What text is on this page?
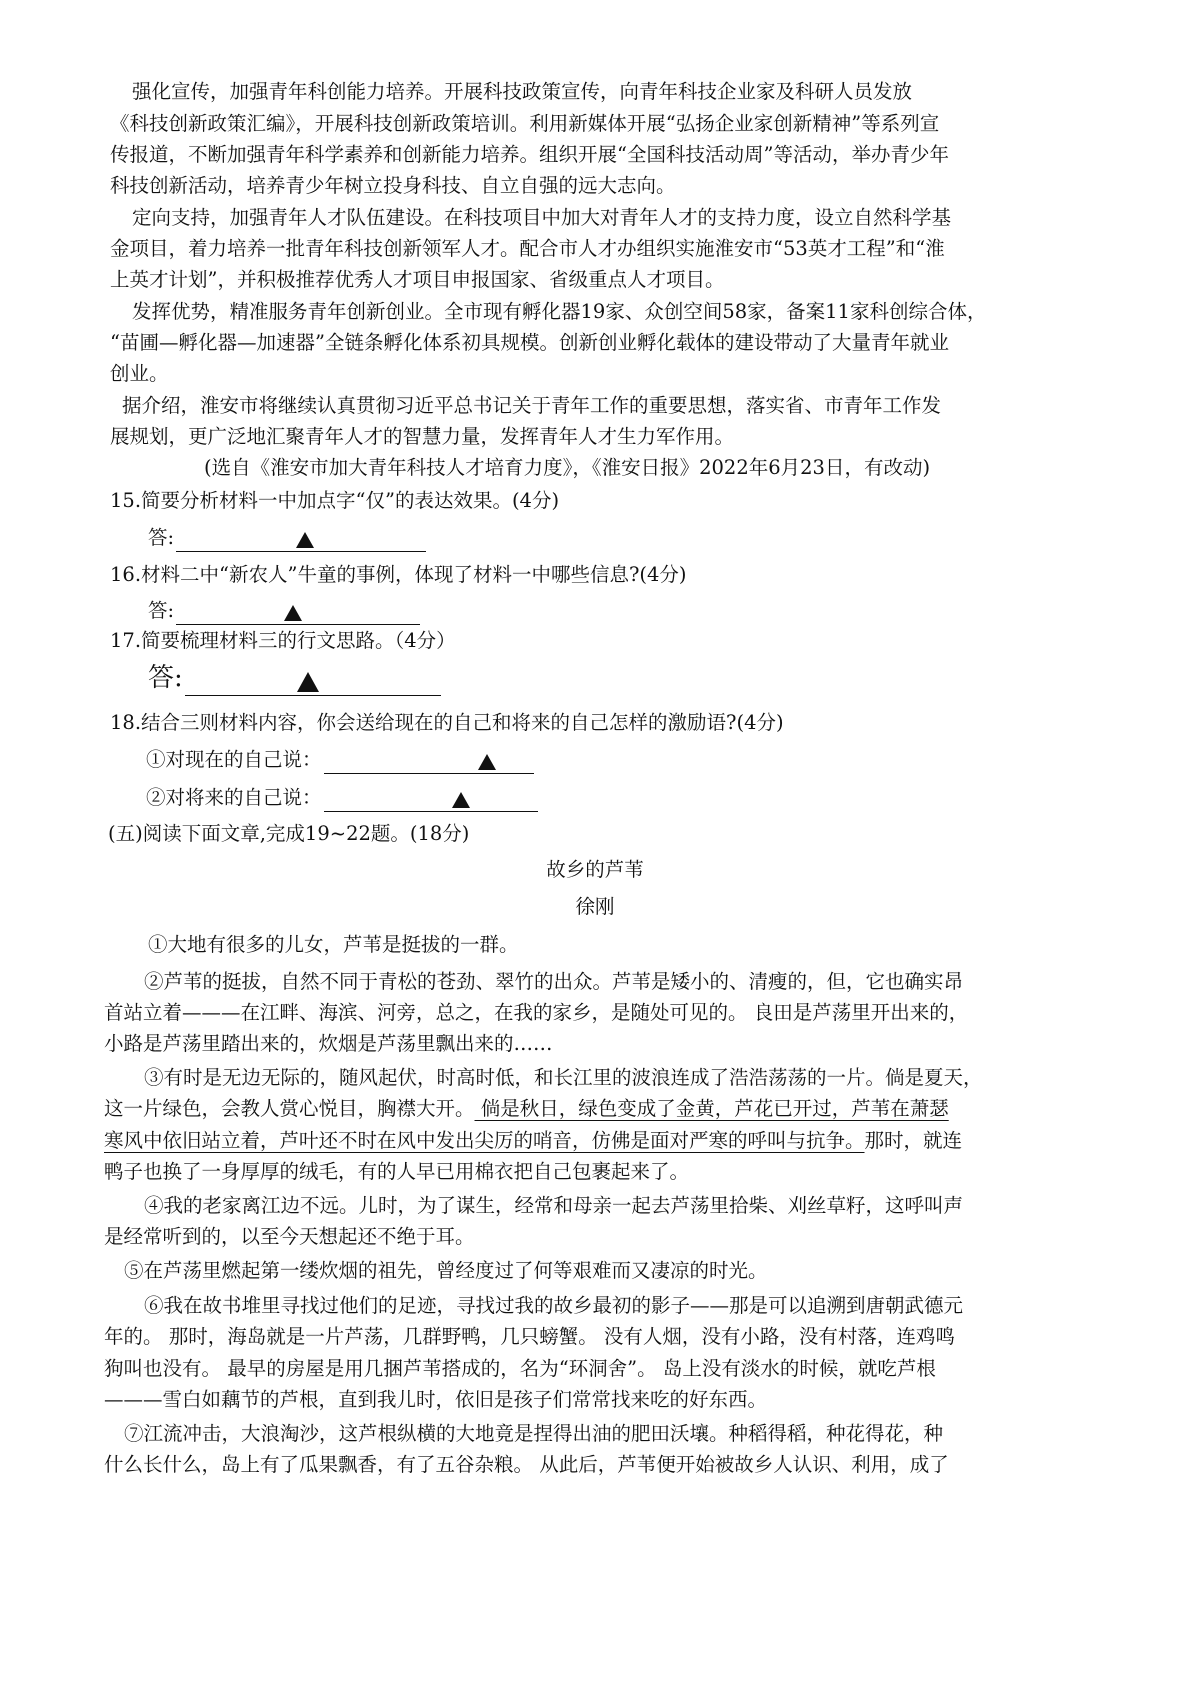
强化宣传，加强青年科创能力培养。开展科技政策宣传，向青年科技企业家及科研人员发放
《科技创新政策汇编》，开展科技创新政策培训。利用新媒体开展“弘扬企业家创新精神”等系列宣
传报道，不断加强青年科学素养和创新能力培养。组织开展“全国科技活动周”等活动，举办青少年
科技创新活动，培养青少年树立投身科技、自立自强的远大志向。
定向支持，加强青年人才队伍建设。在科技项目中加大对青年人才的支持力度，设立自然科学基
金项目，着力培养一批青年科技创新领军人才。配合市人才办组织实施淮安市“53英才工程”和“淮
上英才计划”，并积极推荐优秀人才项目申报国家、省级重点人才项目。
发挥优势，精准服务青年创新创业。全市现有孵化器19家、众创空间58家，备案11家科创综合体，
“苗圃—孵化器—加速器”全链条孵化体系初具规模。创新创业孵化载体的建设带动了大量青年就业
创业。
据介绍，淮安市将继续认真贯彻习近平总书记关于青年工作的重要思想，落实省、市青年工作发
展规划，更广泛地汇聚青年人才的智慧力量，发挥青年人才生力军作用。
(选自《淮安市加大青年科技人才培育力度》，《淮安日报》2022年6月23日，有改动)
15.简要分析材料一中加点字“仅”的表达效果。(4分)
答:
16.材料二中“新农人”牛童的事例，体现了材料一中哪些信息?(4分)
答:
17.简要梳理材料三的行文思路。（4分）
答:
18.结合三则材料内容，你会送给现在的自己和将来的自己怎样的激励语?(4分)
①对现在的自己说：
②对将来的自己说：
(五)阅读下面文章,完成19~22题。(18分)
故乡的芦苇
徐刚
①大地有很多的儿女，芦苇是挺拔的一群。
②芦苇的挺拔，自然不同于青松的苍劲、翠竹的出众。芦苇是矮小的、清瘦的，但，它也确实昂
首站立着———在江畔、海滨、河旁，总之，在我的家乡，是随处可见的。 良田是芦荡里开出来的，
小路是芦荡里踏出来的，炊烟是芦荡里飘出来的……
③有时是无边无际的，随风起伏，时高时低，和长江里的波浪连成了浩浩荡荡的一片。倘是夏天，
这一片绿色，会教人赏心悦目，胸襟大开。 倘是秋日，绿色变成了金黄，芦花已开过，芦苇在萧瑟
寒风中依旧站立着，芦叶还不时在风中发出尖厉的哨音，仿佛是面对严寒的呼叫与抗争。那时，就连
鸭子也换了一身厚厚的绒毛，有的人早已用棉衣把自己包裹起来了。
④我的老家离江边不远。儿时，为了谋生，经常和母亲一起去芦荡里拾柴、刈丝草籽，这呼叫声
是经常听到的，以至今天想起还不绝于耳。
⑤在芦荡里燃起第一缕炊烟的祖先，曾经度过了何等艰难而又凄凉的时光。
⑥我在故书堆里寻找过他们的足迹，寻找过我的故乡最初的影子——那是可以追溯到唐朝武德元
年的。 那时，海岛就是一片芦荡，几群野鸭，几只螃蟹。 没有人烟，没有小路，没有村落，连鸡鸣
狗叫也没有。 最早的房屋是用几捆芦苇搭成的，名为“环洞舍”。 岛上没有淡水的时候，就吃芦根
———雪白如藕节的芦根，直到我儿时，依旧是孩子们常常找来吃的好东西。
⑦江流冲击，大浪淘沙，这芦根纵横的大地竟是捏得出油的肥田沃壤。种稻得稻，种花得花，种
什么长什么，岛上有了瓜果飘香，有了五谷杂粮。 从此后，芦苇便开始被故乡人认识、利用，成了
